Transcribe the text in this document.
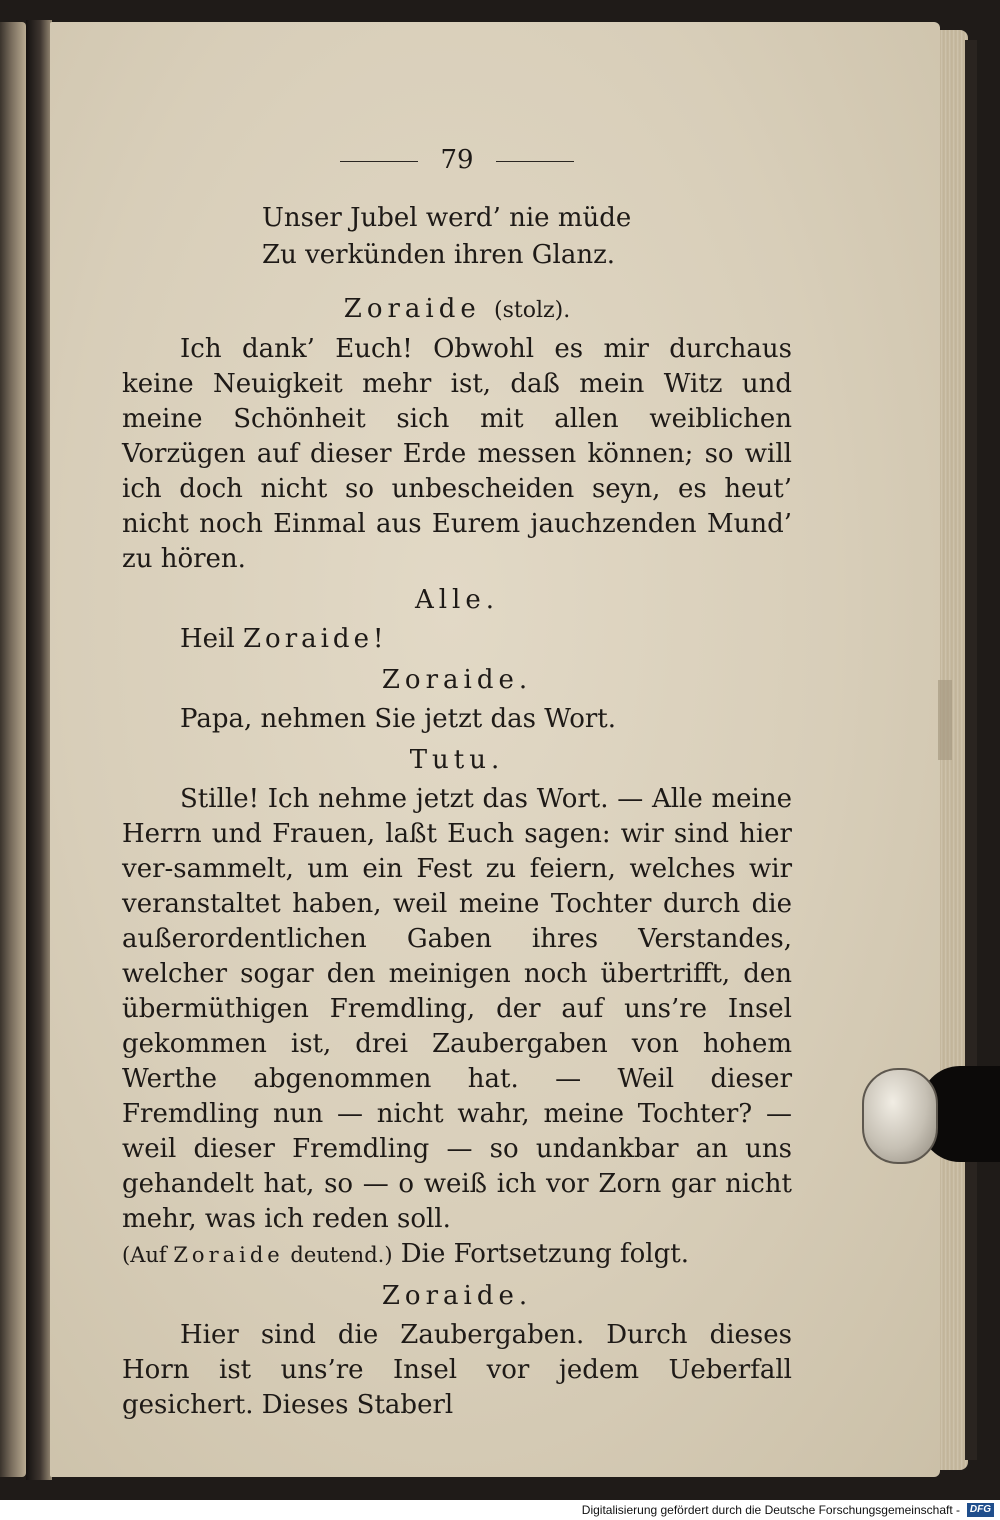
79
Unser Jubel werd’ nie müde
Zu verkünden ihren Glanz.
Zoraide (stolz).
Ich dank’ Euch! Obwohl es mir durchaus keine Neuigkeit mehr ist, daß mein Witz und meine Schönheit sich mit allen weiblichen Vorzügen auf dieser Erde messen können; so will ich doch nicht so unbescheiden seyn, es heut’ nicht noch Einmal aus Eurem jauchzenden Mund’ zu hören.
Alle.
Heil Zoraide!
Zoraide.
Papa, nehmen Sie jetzt das Wort.
Tutu.
Stille! Ich nehme jetzt das Wort. — Alle meine Herrn und Frauen, laßt Euch sagen: wir sind hier ver-sammelt, um ein Fest zu feiern, welches wir veranstaltet haben, weil meine Tochter durch die außerordentlichen Gaben ihres Verstandes, welcher sogar den meinigen noch übertrifft, den übermüthigen Fremdling, der auf uns’re Insel gekommen ist, drei Zaubergaben von hohem Werthe abgenommen hat. — Weil dieser Fremdling nun — nicht wahr, meine Tochter? — weil dieser Fremdling — so undankbar an uns gehandelt hat, so — o weiß ich vor Zorn gar nicht mehr, was ich reden soll.
(Auf Zoraide deutend.) Die Fortsetzung folgt.
Zoraide.
Hier sind die Zaubergaben. Durch dieses Horn ist uns’re Insel vor jedem Ueberfall gesichert. Dieses Staberl
Digitalisierung gefördert durch die Deutsche Forschungsgemeinschaft - DFG
